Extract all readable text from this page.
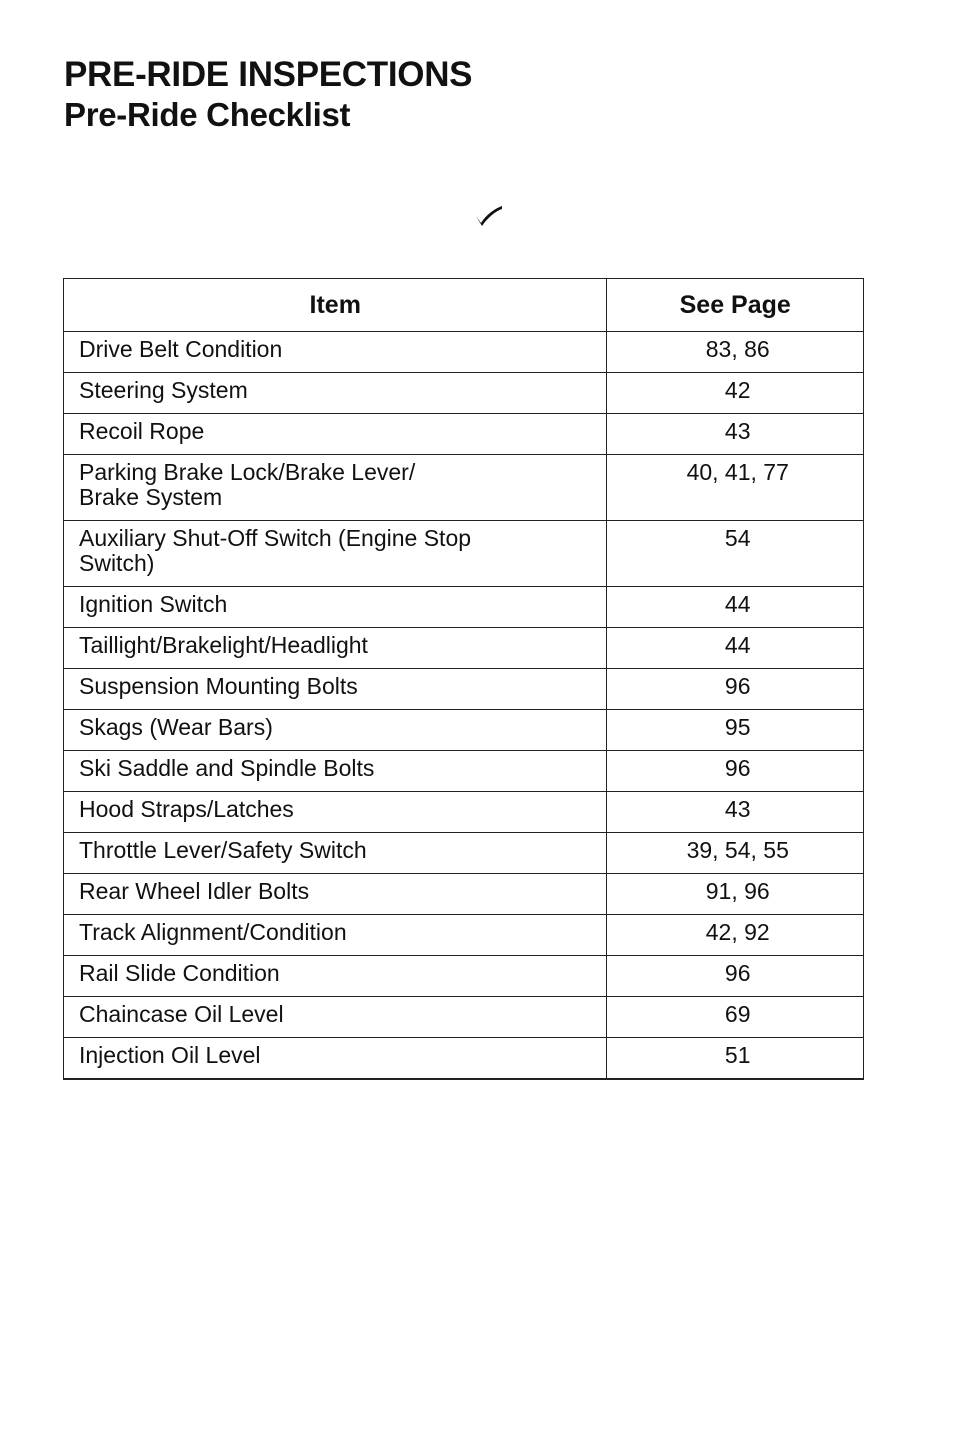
PRE-RIDE INSPECTIONS
Pre-Ride Checklist
Item	See Page
Drive Belt Condition	83, 86
Steering System	42
Recoil Rope	43
Parking Brake Lock/Brake Lever/
Brake System	40, 41, 77
Auxiliary Shut-Off Switch (Engine Stop
Switch)	54
Ignition Switch	44
Taillight/Brakelight/Headlight	44
Suspension Mounting Bolts	96
Skags (Wear Bars)	95
Ski Saddle and Spindle Bolts	96
Hood Straps/Latches	43
Throttle Lever/Safety Switch	39, 54, 55
Rear Wheel Idler Bolts	91, 96
Track Alignment/Condition	42, 92
Rail Slide Condition	96
Chaincase Oil Level	69
Injection Oil Level	51
